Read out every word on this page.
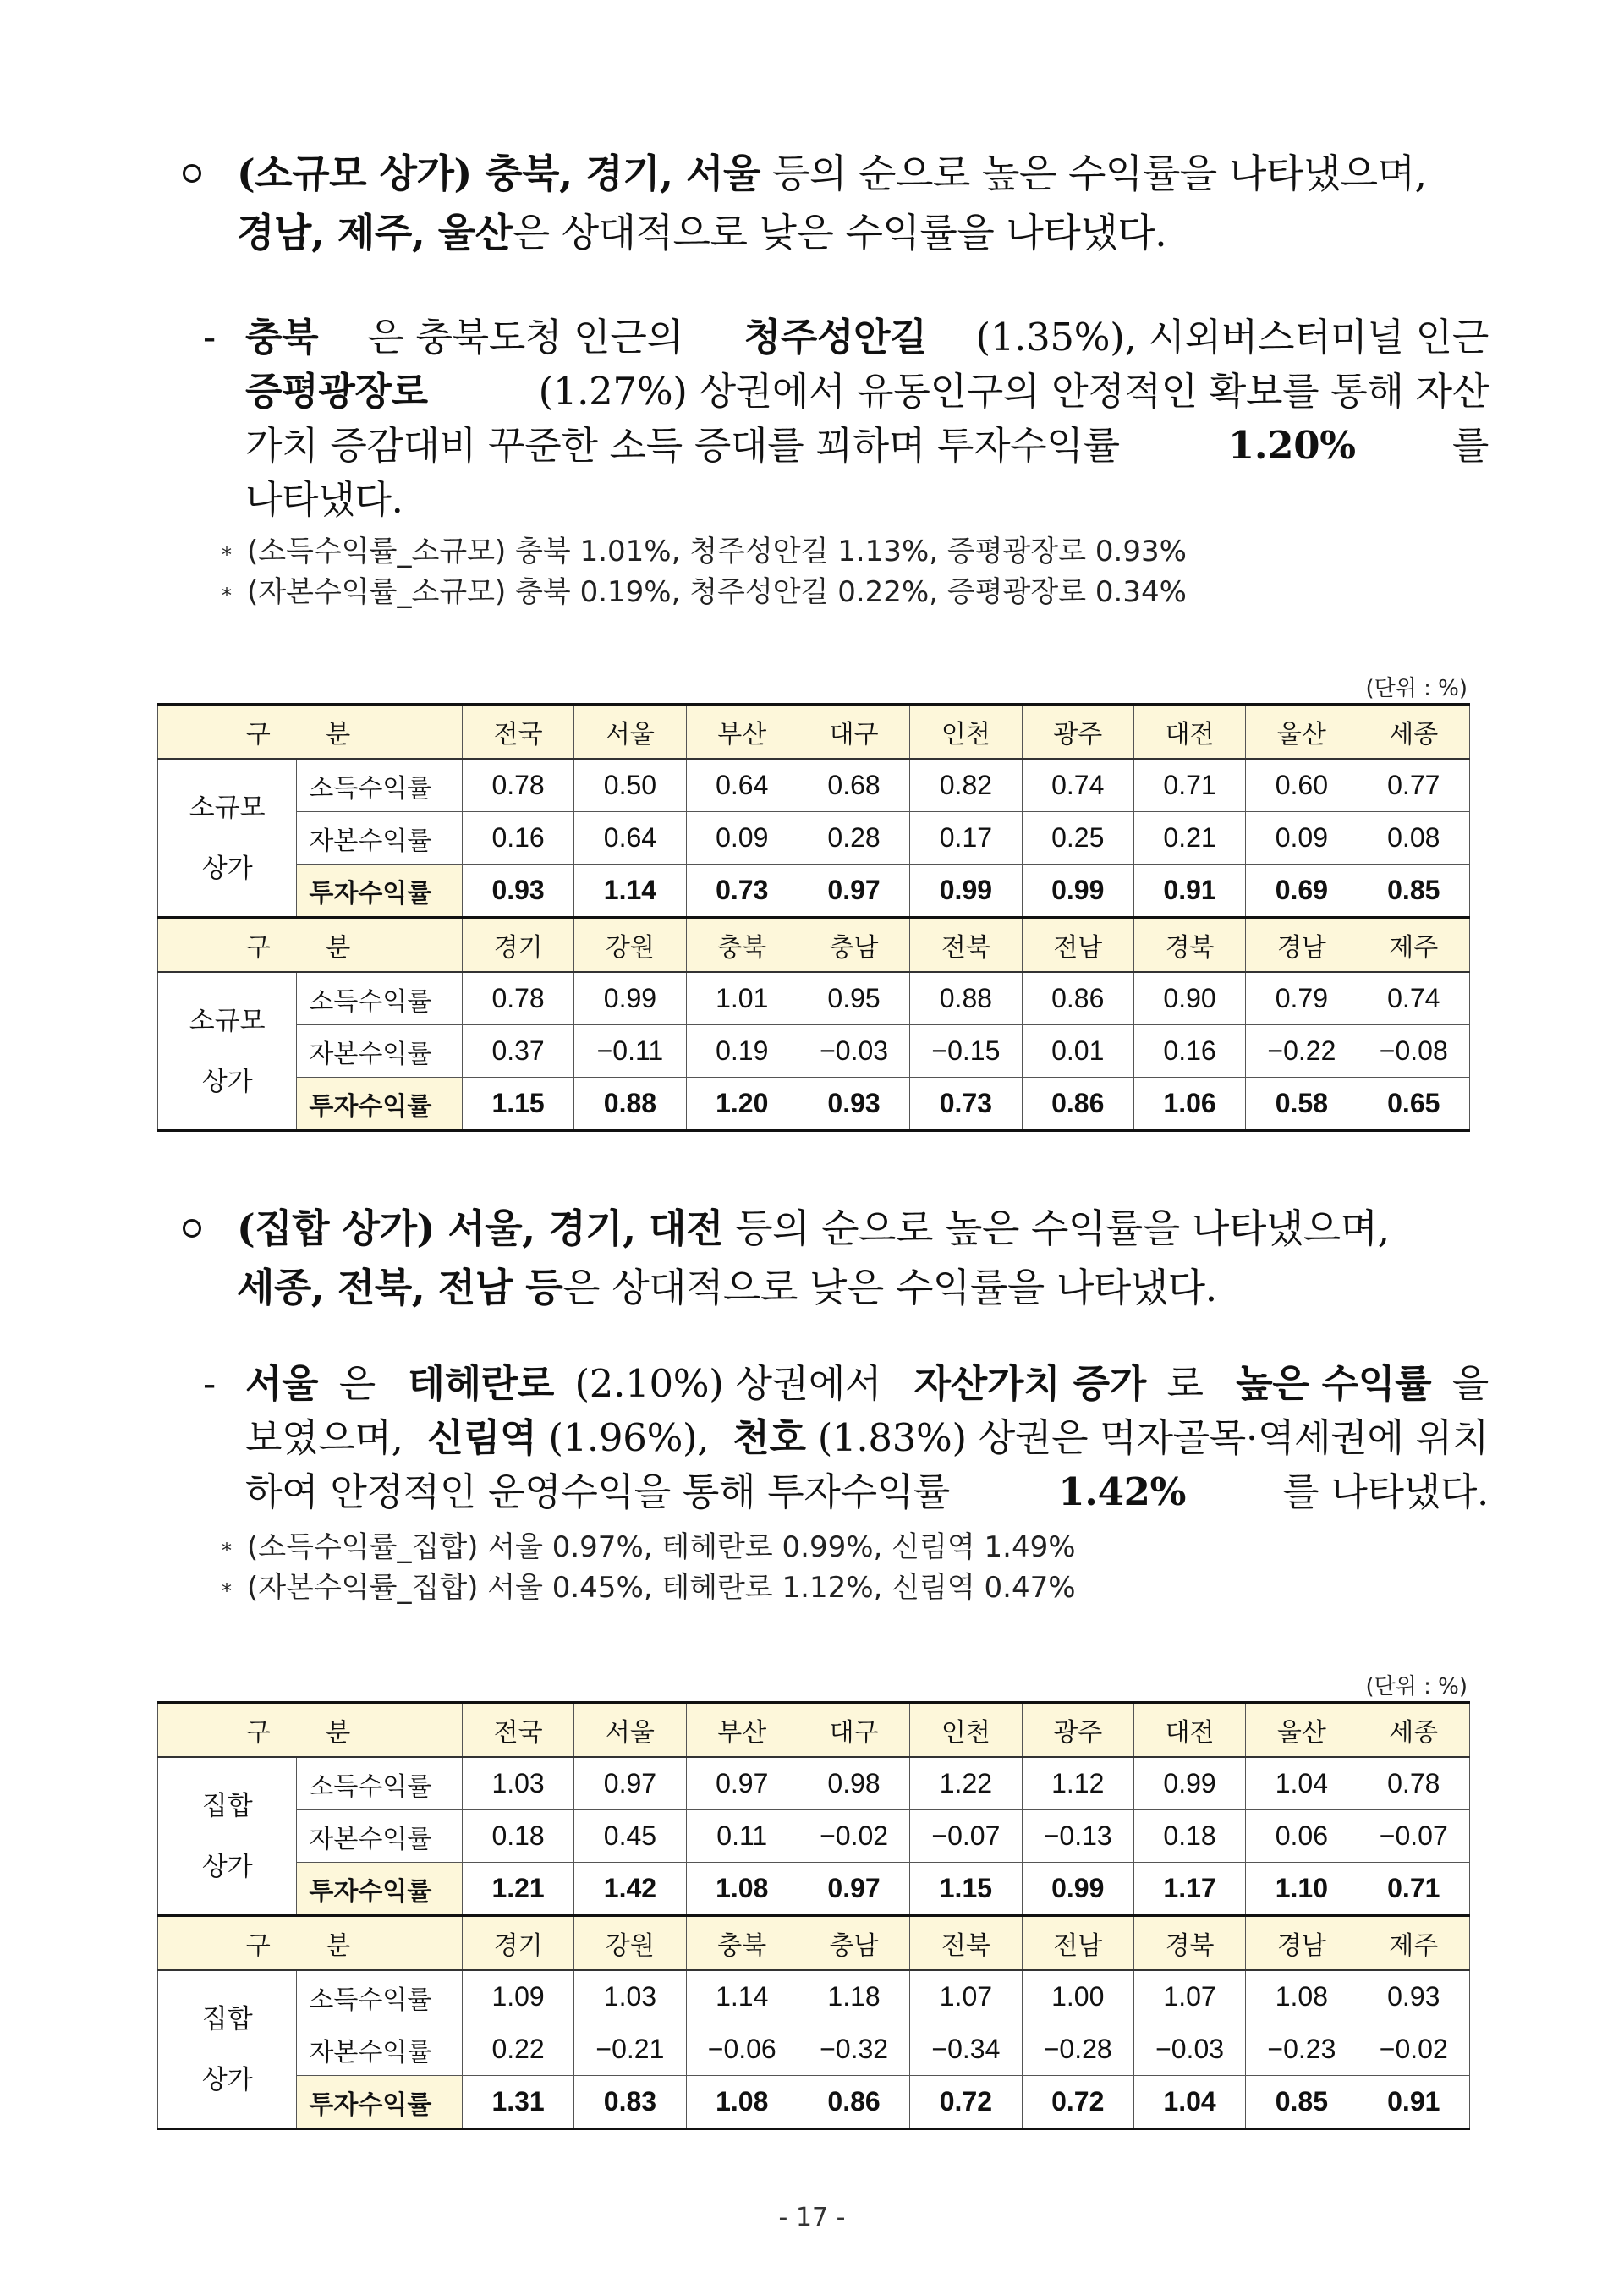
(소규모 상가) 충북, 경기, 서울 등의 순으로 높은 수익률을 나타냈으며,
경남, 제주, 울산은 상대적으로 낮은 수익률을 나타냈다.
- 충북 은 충북도청 인근의 청주성안길 (1.35%), 시외버스터미널 인근
증평광장로	(1.27%) 상권에서 유동인구의 안정적인 확보를 통해 자산
가치 증감대비 꾸준한 소득 증대를 꾀하며 투자수익률	1.20%	를
나타냈다.
* (소득수익률_소규모) 충북 1.01%, 청주성안길 1.13%, 증평광장로 0.93%
* (자본수익률_소규모) 충북 0.19%, 청주성안길 0.22%, 증평광장로 0.34%
(단위 : %)
구 분		전국	서울	부산	대구	인천	광주	대전	울산	세종

소규모
상가	소득수익률	0.78	0.50	0.64	0.68	0.82	0.74	0.71	0.60	0.77
	자본수익률	0.16	0.64	0.09	0.28	0.17	0.25	0.21	0.09	0.08
	투자수익률	0.93	1.14	0.73	0.97	0.99	0.99	0.91	0.69	0.85
구 분		경기	강원	충북	충남	전북	전남	경북	경남	제주

소규모
상가	소득수익률	0.78	0.99	1.01	0.95	0.88	0.86	0.90	0.79	0.74
	자본수익률	0.37	−0.11	0.19	−0.03	−0.15	0.01	0.16	−0.22	−0.08
	투자수익률	1.15	0.88	1.20	0.93	0.73	0.86	1.06	0.58	0.65
(집합 상가) 서울, 경기, 대전 등의 순으로 높은 수익률을 나타냈으며,
세종, 전북, 전남 등은 상대적으로 낮은 수익률을 나타냈다.
- 서울 은 테헤란로 (2.10%) 상권에서 자산가치 증가 로 높은 수익률 을
보였으며, 신림역 (1.96%), 천호 (1.83%) 상권은 먹자골목·역세권에 위치
하여 안정적인 운영수익을 통해 투자수익률	1.42%	를 나타냈다.
* (소득수익률_집합) 서울 0.97%, 테헤란로 0.99%, 신림역 1.49%
* (자본수익률_집합) 서울 0.45%, 테헤란로 1.12%, 신림역 0.47%
(단위 : %)
구 분		전국	서울	부산	대구	인천	광주	대전	울산	세종

집합
상가	소득수익률	1.03	0.97	0.97	0.98	1.22	1.12	0.99	1.04	0.78
	자본수익률	0.18	0.45	0.11	−0.02	−0.07	−0.13	0.18	0.06	−0.07
	투자수익률	1.21	1.42	1.08	0.97	1.15	0.99	1.17	1.10	0.71
구 분		경기	강원	충북	충남	전북	전남	경북	경남	제주

집합
상가	소득수익률	1.09	1.03	1.14	1.18	1.07	1.00	1.07	1.08	0.93
	자본수익률	0.22	−0.21	−0.06	−0.32	−0.34	−0.28	−0.03	−0.23	−0.02
	투자수익률	1.31	0.83	1.08	0.86	0.72	0.72	1.04	0.85	0.91
- 17 -
